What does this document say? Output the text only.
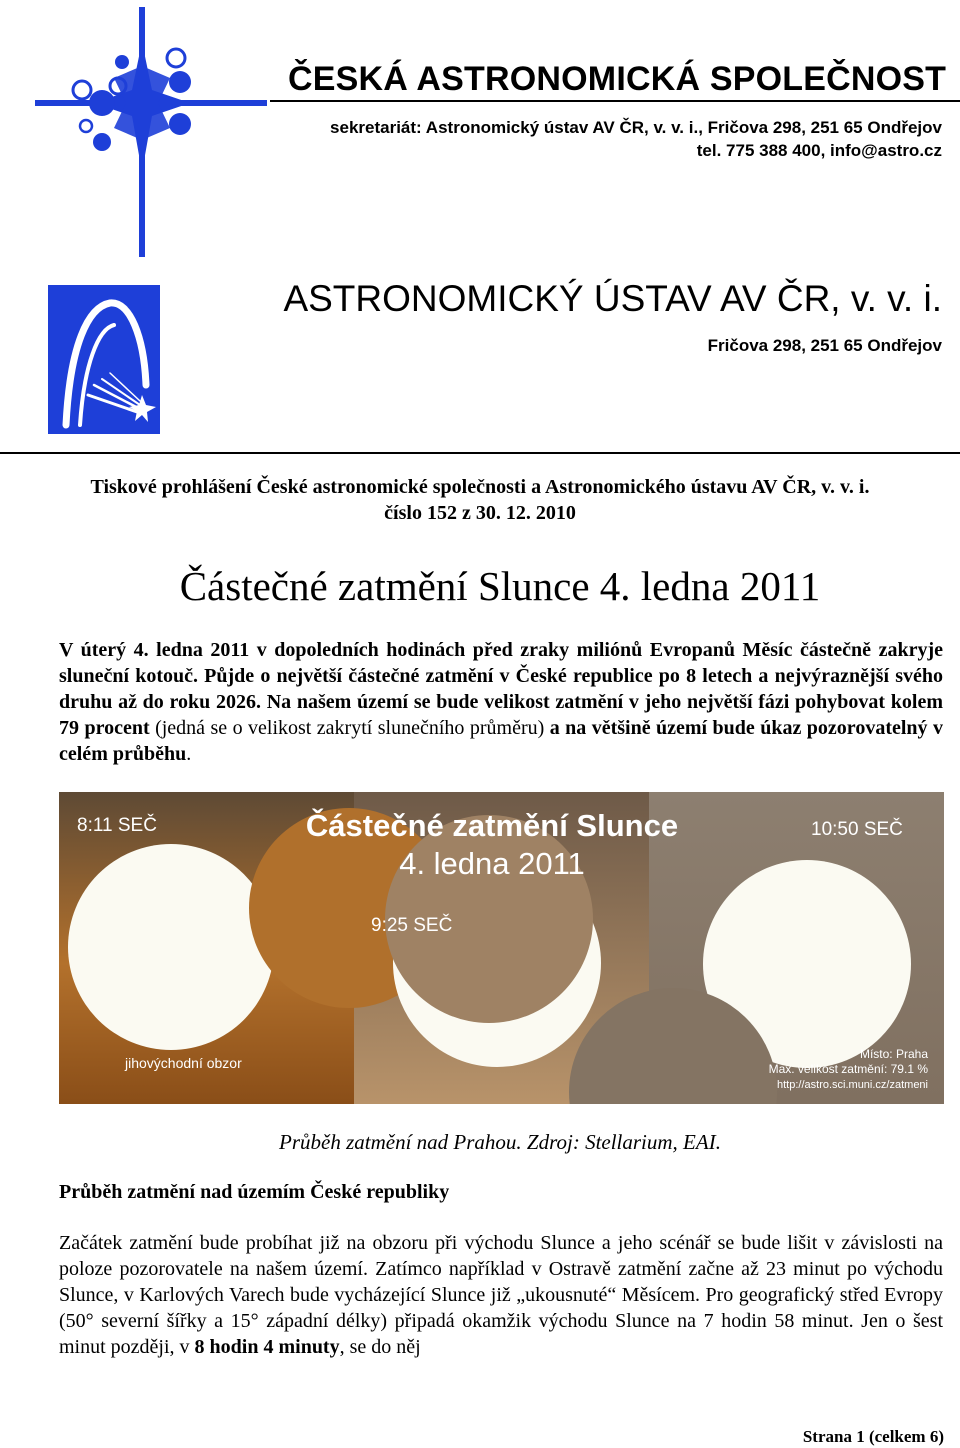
ČESKÁ ASTRONOMICKÁ SPOLEČNOST
sekretariát: Astronomický ústav AV ČR, v. v. i., Fričova 298, 251 65 Ondřejov
tel. 775 388 400, info@astro.cz
ASTRONOMICKÝ ÚSTAV AV ČR, v. v. i.
Fričova 298, 251 65 Ondřejov
Tiskové prohlášení České astronomické společnosti a Astronomického ústavu AV ČR, v. v. i.
číslo 152 z 30. 12. 2010
Částečné zatmění Slunce 4. ledna 2011
V úterý 4. ledna 2011 v dopoledních hodinách před zraky miliónů Evropanů Měsíc částečně zakryje sluneční kotouč. Půjde o největší částečné zatmění v České republice po 8 letech a nejvýraznější svého druhu až do roku 2026. Na našem území se bude velikost zatmění v jeho největší fázi pohybovat kolem 79 procent (jedná se o velikost zakrytí slunečního průměru) a na většině území bude úkaz pozorovatelný v celém průběhu.
Částečné zatmění Slunce
4. ledna 2011
8:11 SEČ
9:25 SEČ
10:50 SEČ
jihovýchodní obzor
Místo: Praha
Max. velikost zatmění: 79.1 %
http://astro.sci.muni.cz/zatmeni
Průběh zatmění nad Prahou. Zdroj: Stellarium, EAI.
Průběh zatmění nad územím České republiky
Začátek zatmění bude probíhat již na obzoru při východu Slunce a jeho scénář se bude lišit v závislosti na poloze pozorovatele na našem území. Zatímco například v Ostravě zatmění začne až 23 minut po východu Slunce, v Karlových Varech bude vycházející Slunce již „ukousnuté“ Měsícem. Pro geografický střed Evropy (50° severní šířky a 15° západní délky) připadá okamžik východu Slunce na 7 hodin 58 minut. Jen o šest minut později, v 8 hodin 4 minuty, se do něj
Strana 1 (celkem 6)
